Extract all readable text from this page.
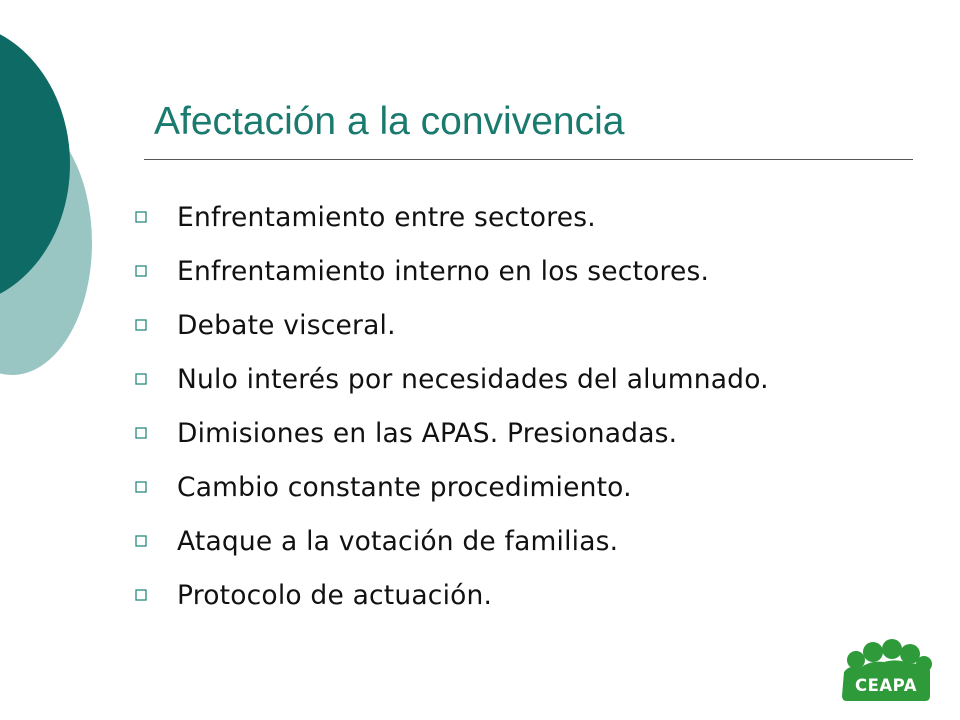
Afectación a la convivencia
Enfrentamiento entre sectores.
Enfrentamiento interno en los sectores.
Debate visceral.
Nulo interés por necesidades del alumnado.
Dimisiones en las APAS. Presionadas.
Cambio constante procedimiento.
Ataque a la votación de familias.
Protocolo de actuación.
CEAPA
